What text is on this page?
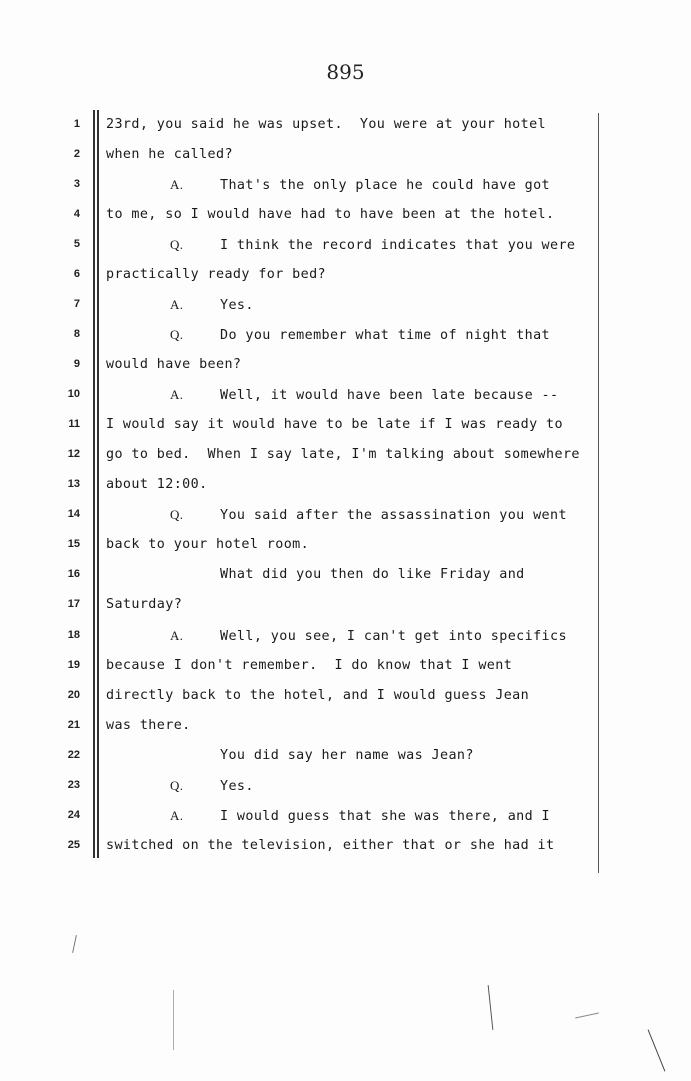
895
1 23rd, you said he was upset.  You were at your hotel
2 when he called?
3	A.	That's the only place he could have got
4 to me, so I would have had to have been at the hotel.
5	Q.	I think the record indicates that you were
6 practically ready for bed?
7	A.	Yes.
8	Q.	Do you remember what time of night that
9 would have been?
10	A.	Well, it would have been late because --
11 I would say it would have to be late if I was ready to
12 go to bed.  When I say late, I'm talking about somewhere
13 about 12:00.
14	Q.	You said after the assassination you went
15 back to your hotel room.
16	What did you then do like Friday and
17 Saturday?
18	A.	Well, you see, I can't get into specifics
19 because I don't remember.  I do know that I went
20 directly back to the hotel, and I would guess Jean
21 was there.
22	You did say her name was Jean?
23	Q.	Yes.
24	A.	I would guess that she was there, and I
25 switched on the television, either that or she had it
